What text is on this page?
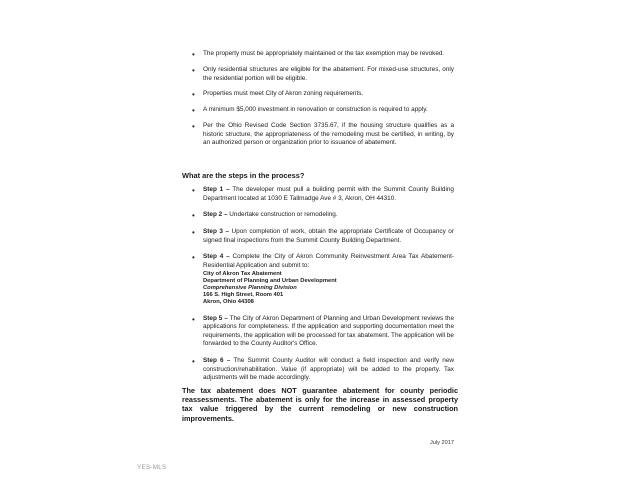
•	The property must be appropriately maintained or the tax exemption may be revoked.
•	Only residential structures are eligible for the abatement. For mixed-use structures, only the residential portion will be eligible.
•	Properties must meet City of Akron zoning requirements.
•	A minimum $5,000 investment in renovation or construction is required to apply.
•	Per the Ohio Revised Code Section 3735.67, if the housing structure qualifies as a historic structure, the appropriateness of the remodeling must be certified, in writing, by an authorized person or organization prior to issuance of abatement.
What are the steps in the process?
•	Step 1 – The developer must pull a building permit with the Summit County Building Department located at 1030 E Tallmadge Ave # 3, Akron, OH 44310.
•	Step 2 – Undertake construction or remodeling.
•	Step 3 – Upon completion of work, obtain the appropriate Certificate of Occupancy or signed final inspections from the Summit County Building Department.
•	Step 4 – Complete the City of Akron Community Reinvestment Area Tax Abatement-Residential Application and submit to:
City of Akron Tax Abatement
Department of Planning and Urban Development
Comprehensive Planning Division
166 S. High Street, Room 401
Akron, Ohio 44308
•	Step 5 – The City of Akron Department of Planning and Urban Development reviews the applications for completeness. If the application and supporting documentation meet the requirements, the application will be processed for tax abatement. The application will be forwarded to the County Auditor's Office.
•	Step 6 – The Summit County Auditor will conduct a field inspection and verify new construction/rehabilitation. Value (if appropriate) will be added to the property. Tax adjustments will be made accordingly.
The tax abatement does NOT guarantee abatement for county periodic reassessments. The abatement is only for the increase in assessed property tax value triggered by the current remodeling or new construction improvements.
July 2017
YES-MLS
